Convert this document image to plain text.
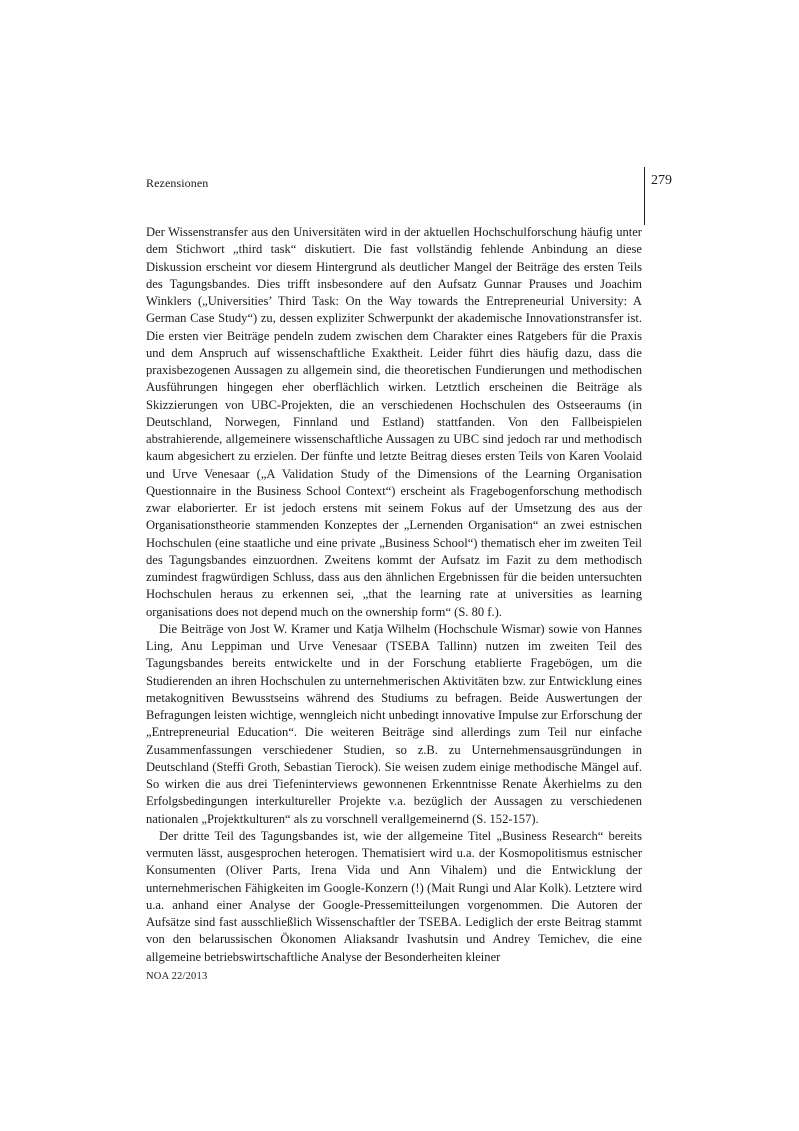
Rezensionen	279

Der Wissenstransfer aus den Universitäten wird in der aktuellen Hochschulforschung häufig unter dem Stichwort „third task“ diskutiert. Die fast vollständig fehlende Anbindung an diese Diskussion erscheint vor diesem Hintergrund als deutlicher Mangel der Beiträge des ersten Teils des Tagungsbandes. Dies trifft insbesondere auf den Aufsatz Gunnar Prauses und Joachim Winklers („Universities’ Third Task: On the Way towards the Entrepreneurial University: A German Case Study“) zu, dessen expliziter Schwerpunkt der akademische Innovationstransfer ist. Die ersten vier Beiträge pendeln zudem zwischen dem Charakter eines Ratgebers für die Praxis und dem Anspruch auf wissenschaftliche Exaktheit. Leider führt dies häufig dazu, dass die praxisbezogenen Aussagen zu allgemein sind, die theoretischen Fundierungen und methodischen Ausführungen hingegen eher oberflächlich wirken. Letztlich erscheinen die Beiträge als Skizzierungen von UBC-Projekten, die an verschiedenen Hochschulen des Ostseeraums (in Deutschland, Norwegen, Finnland und Estland) stattfanden. Von den Fallbeispielen abstrahierende, allgemeinere wissenschaftliche Aussagen zu UBC sind jedoch rar und methodisch kaum abgesichert zu erzielen. Der fünfte und letzte Beitrag dieses ersten Teils von Karen Voolaid und Urve Venesaar („A Validation Study of the Dimensions of the Learning Organisation Questionnaire in the Business School Context“) erscheint als Fragebogenforschung methodisch zwar elaborierter. Er ist jedoch erstens mit seinem Fokus auf der Umsetzung des aus der Organisationstheorie stammenden Konzeptes der „Lernenden Organisation“ an zwei estnischen Hochschulen (eine staatliche und eine private „Business School“) thematisch eher im zweiten Teil des Tagungsbandes einzuordnen. Zweitens kommt der Aufsatz im Fazit zu dem methodisch zumindest fragwürdigen Schluss, dass aus den ähnlichen Ergebnissen für die beiden untersuchten Hochschulen heraus zu erkennen sei, „that the learning rate at universities as learning organisations does not depend much on the ownership form“ (S. 80 f.).

Die Beiträge von Jost W. Kramer und Katja Wilhelm (Hochschule Wismar) sowie von Hannes Ling, Anu Leppiman und Urve Venesaar (TSEBA Tallinn) nutzen im zweiten Teil des Tagungsbandes bereits entwickelte und in der Forschung etablierte Fragebögen, um die Studierenden an ihren Hochschulen zu unternehmerischen Aktivitäten bzw. zur Entwicklung eines metakognitiven Bewusstseins während des Studiums zu befragen. Beide Auswertungen der Befragungen leisten wichtige, wenngleich nicht unbedingt innovative Impulse zur Erforschung der „Entrepreneurial Education“. Die weiteren Beiträge sind allerdings zum Teil nur einfache Zusammenfassungen verschiedener Studien, so z.B. zu Unternehmensausgründungen in Deutschland (Steffi Groth, Sebastian Tierock). Sie weisen zudem einige methodische Mängel auf. So wirken die aus drei Tiefeninterviews gewonnenen Erkenntnisse Renate Åkerhielms zu den Erfolgsbedingungen interkultureller Projekte v.a. bezüglich der Aussagen zu verschiedenen nationalen „Projektkulturen“ als zu vorschnell verallgemeinernd (S. 152-157).

Der dritte Teil des Tagungsbandes ist, wie der allgemeine Titel „Business Research“ bereits vermuten lässt, ausgesprochen heterogen. Thematisiert wird u.a. der Kosmopolitismus estnischer Konsumenten (Oliver Parts, Irena Vida und Ann Vihalem) und die Entwicklung der unternehmerischen Fähigkeiten im Google-Konzern (!) (Mait Rungi und Alar Kolk). Letztere wird u.a. anhand einer Analyse der Google-Pressemitteilungen vorgenommen. Die Autoren der Aufsätze sind fast ausschließlich Wissenschaftler der TSEBA. Lediglich der erste Beitrag stammt von den belarussischen Ökonomen Aliaksandr Ivashutsin und Andrey Temichev, die eine allgemeine betriebswirtschaftliche Analyse der Besonderheiten kleiner

NOA 22/2013
